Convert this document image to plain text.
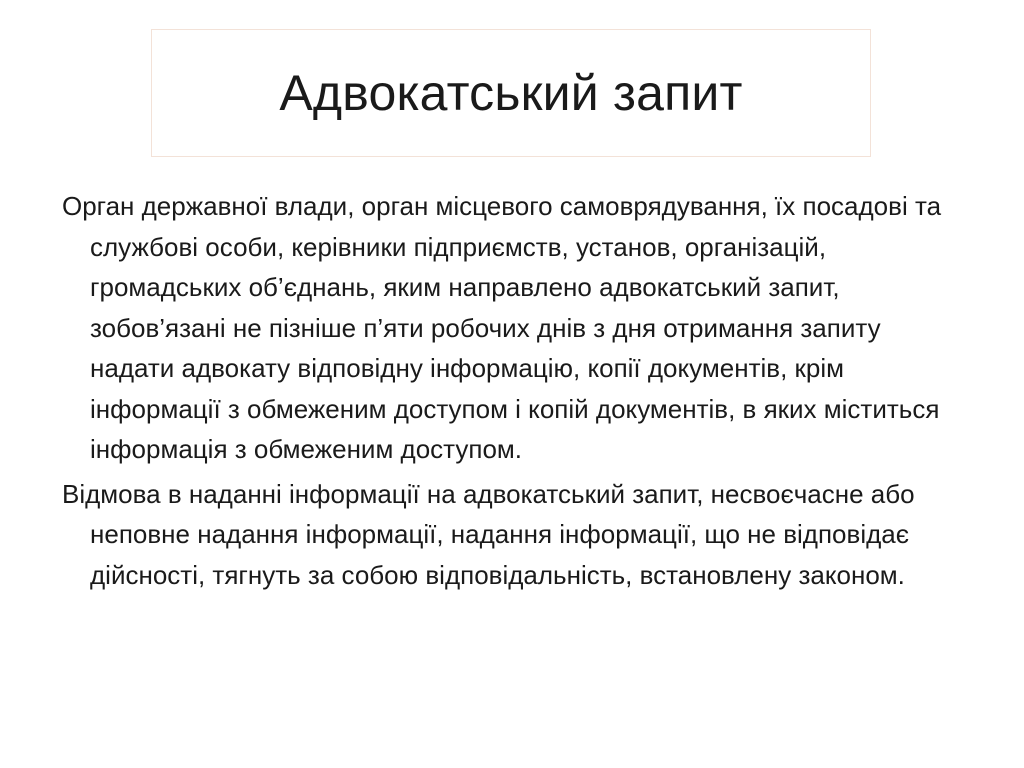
Адвокатський запит

Орган державної влади, орган місцевого самоврядування, їх посадові та службові особи, керівники підприємств, установ, організацій, громадських об’єднань, яким направлено адвокатський запит, зобов’язані не пізніше п’яти робочих днів з дня отримання запиту надати адвокату відповідну інформацію, копії документів, крім інформації з обмеженим доступом і копій документів, в яких міститься інформація з обмеженим доступом.

Відмова в наданні інформації на адвокатський запит, несвоєчасне або неповне надання інформації, надання інформації, що не відповідає дійсності, тягнуть за собою відповідальність, встановлену законом.
